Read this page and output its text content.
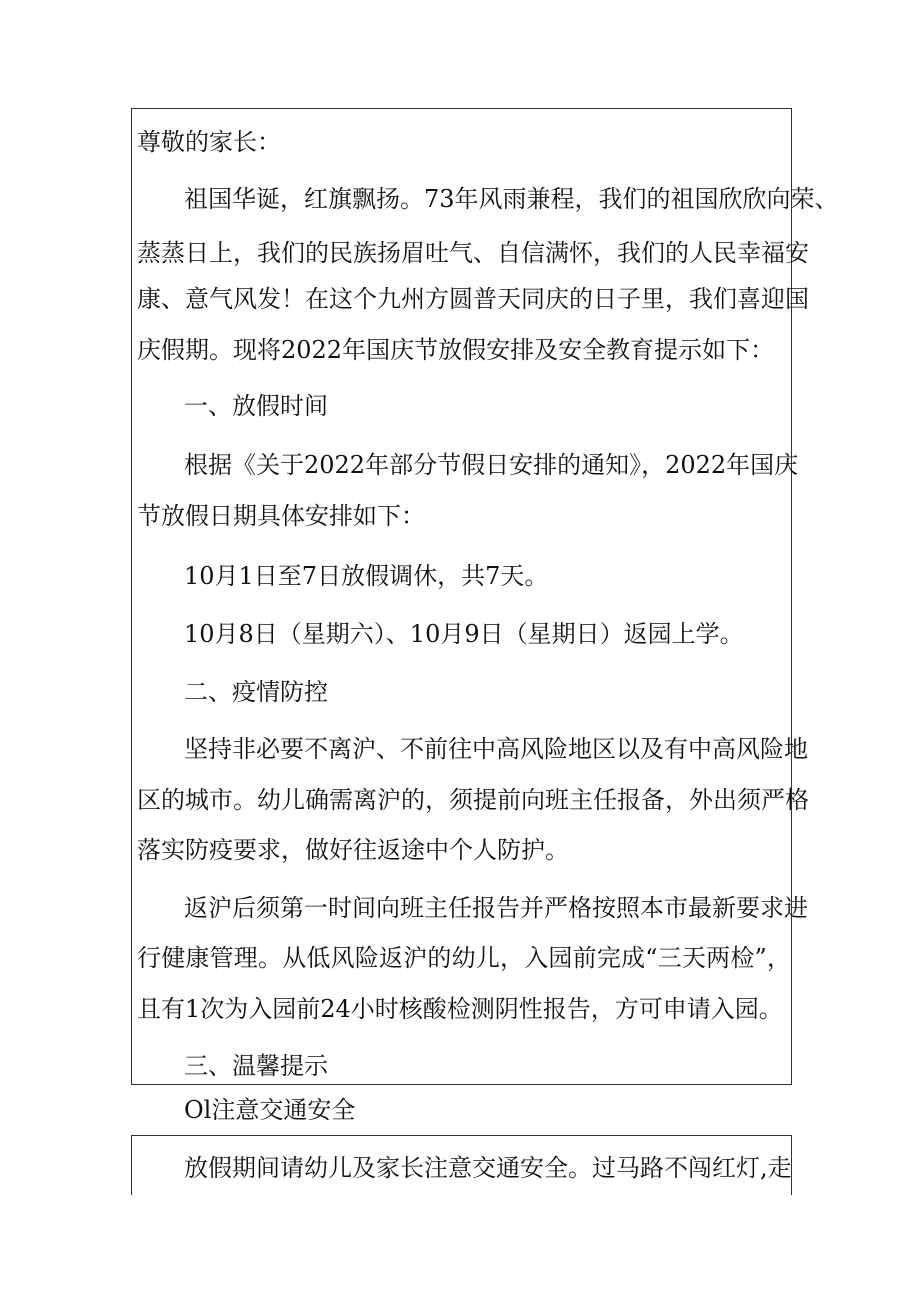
尊敬的家长：

祖国华诞，红旗飘扬。73年风雨兼程，我们的祖国欣欣向荣、

蒸蒸日上，我们的民族扬眉吐气、自信满怀，我们的人民幸福安

康、意气风发！在这个九州方圆普天同庆的日子里，我们喜迎国

庆假期。现将2022年国庆节放假安排及安全教育提示如下：

一、放假时间

根据《关于2022年部分节假日安排的通知》，2022年国庆

节放假日期具体安排如下：

10月1日至7日放假调休，共7天。

10月8日（星期六）、10月9日（星期日）返园上学。

二、疫情防控

坚持非必要不离沪、不前往中高风险地区以及有中高风险地

区的城市。幼儿确需离沪的，须提前向班主任报备，外出须严格

落实防疫要求，做好往返途中个人防护。

返沪后须第一时间向班主任报告并严格按照本市最新要求进

行健康管理。从低风险返沪的幼儿，入园前完成“三天两检”，

且有1次为入园前24小时核酸检测阴性报告，方可申请入园。

三、温馨提示

Ol注意交通安全

放假期间请幼儿及家长注意交通安全。过马路不闯红灯,走
